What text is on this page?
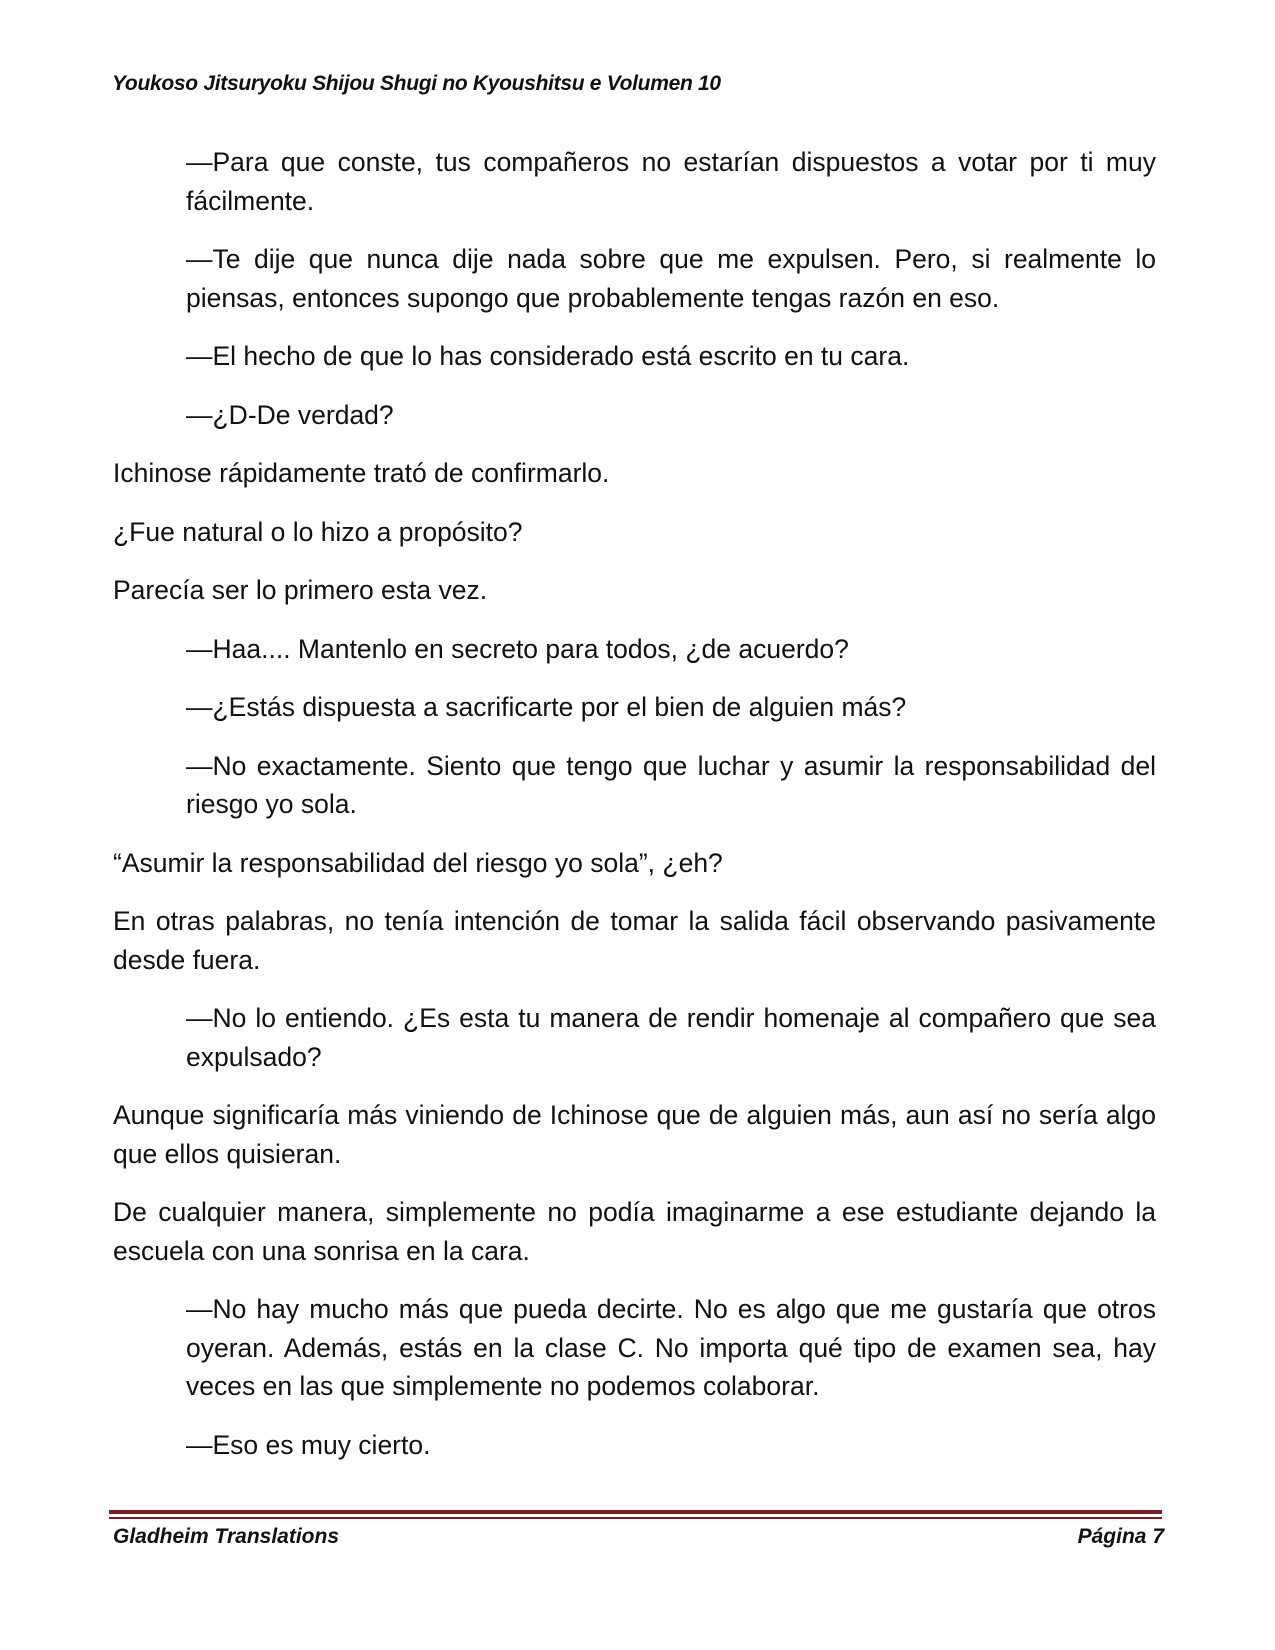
Youkoso Jitsuryoku Shijou Shugi no Kyoushitsu e Volumen 10

—Para que conste, tus compañeros no estarían dispuestos a votar por ti muy fácilmente.

—Te dije que nunca dije nada sobre que me expulsen. Pero, si realmente lo piensas, entonces supongo que probablemente tengas razón en eso.

—El hecho de que lo has considerado está escrito en tu cara.

—¿D-De verdad?

Ichinose rápidamente trató de confirmarlo.

¿Fue natural o lo hizo a propósito?

Parecía ser lo primero esta vez.

—Haa.... Mantenlo en secreto para todos, ¿de acuerdo?

—¿Estás dispuesta a sacrificarte por el bien de alguien más?

—No exactamente. Siento que tengo que luchar y asumir la responsabilidad del riesgo yo sola.

“Asumir la responsabilidad del riesgo yo sola”, ¿eh?

En otras palabras, no tenía intención de tomar la salida fácil observando pasivamente desde fuera.

—No lo entiendo. ¿Es esta tu manera de rendir homenaje al compañero que sea expulsado?

Aunque significaría más viniendo de Ichinose que de alguien más, aun así no sería algo que ellos quisieran.

De cualquier manera, simplemente no podía imaginarme a ese estudiante dejando la escuela con una sonrisa en la cara.

—No hay mucho más que pueda decirte. No es algo que me gustaría que otros oyeran. Además, estás en la clase C. No importa qué tipo de examen sea, hay veces en las que simplemente no podemos colaborar.

—Eso es muy cierto.

Gladheim Translations	Página 7
